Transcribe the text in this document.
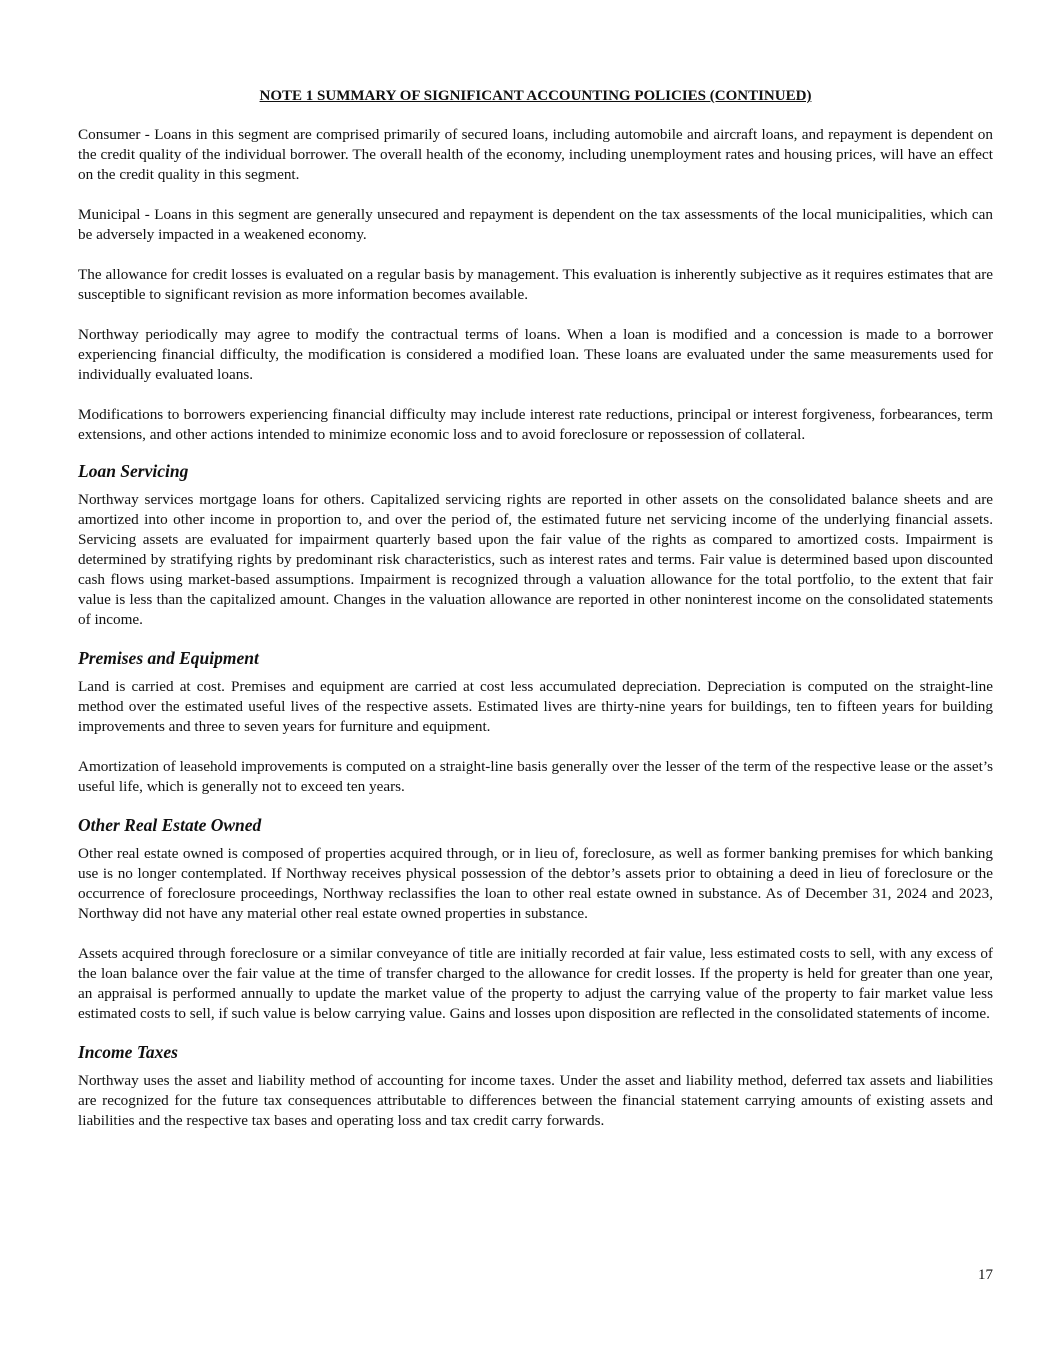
NOTE 1 SUMMARY OF SIGNIFICANT ACCOUNTING POLICIES (CONTINUED)

Consumer - Loans in this segment are comprised primarily of secured loans, including automobile and aircraft loans, and repayment is dependent on the credit quality of the individual borrower. The overall health of the economy, including unemployment rates and housing prices, will have an effect on the credit quality in this segment.

Municipal - Loans in this segment are generally unsecured and repayment is dependent on the tax assessments of the local municipalities, which can be adversely impacted in a weakened economy.

The allowance for credit losses is evaluated on a regular basis by management. This evaluation is inherently subjective as it requires estimates that are susceptible to significant revision as more information becomes available.

Northway periodically may agree to modify the contractual terms of loans. When a loan is modified and a concession is made to a borrower experiencing financial difficulty, the modification is considered a modified loan. These loans are evaluated under the same measurements used for individually evaluated loans.

Modifications to borrowers experiencing financial difficulty may include interest rate reductions, principal or interest forgiveness, forbearances, term extensions, and other actions intended to minimize economic loss and to avoid foreclosure or repossession of collateral.

Loan Servicing

Northway services mortgage loans for others. Capitalized servicing rights are reported in other assets on the consolidated balance sheets and are amortized into other income in proportion to, and over the period of, the estimated future net servicing income of the underlying financial assets. Servicing assets are evaluated for impairment quarterly based upon the fair value of the rights as compared to amortized costs. Impairment is determined by stratifying rights by predominant risk characteristics, such as interest rates and terms. Fair value is determined based upon discounted cash flows using market-based assumptions. Impairment is recognized through a valuation allowance for the total portfolio, to the extent that fair value is less than the capitalized amount. Changes in the valuation allowance are reported in other noninterest income on the consolidated statements of income.

Premises and Equipment

Land is carried at cost. Premises and equipment are carried at cost less accumulated depreciation. Depreciation is computed on the straight-line method over the estimated useful lives of the respective assets. Estimated lives are thirty-nine years for buildings, ten to fifteen years for building improvements and three to seven years for furniture and equipment.

Amortization of leasehold improvements is computed on a straight-line basis generally over the lesser of the term of the respective lease or the asset’s useful life, which is generally not to exceed ten years.

Other Real Estate Owned

Other real estate owned is composed of properties acquired through, or in lieu of, foreclosure, as well as former banking premises for which banking use is no longer contemplated. If Northway receives physical possession of the debtor’s assets prior to obtaining a deed in lieu of foreclosure or the occurrence of foreclosure proceedings, Northway reclassifies the loan to other real estate owned in substance. As of December 31, 2024 and 2023, Northway did not have any material other real estate owned properties in substance.

Assets acquired through foreclosure or a similar conveyance of title are initially recorded at fair value, less estimated costs to sell, with any excess of the loan balance over the fair value at the time of transfer charged to the allowance for credit losses. If the property is held for greater than one year, an appraisal is performed annually to update the market value of the property to adjust the carrying value of the property to fair market value less estimated costs to sell, if such value is below carrying value. Gains and losses upon disposition are reflected in the consolidated statements of income.

Income Taxes

Northway uses the asset and liability method of accounting for income taxes. Under the asset and liability method, deferred tax assets and liabilities are recognized for the future tax consequences attributable to differences between the financial statement carrying amounts of existing assets and liabilities and the respective tax bases and operating loss and tax credit carry forwards.

17
